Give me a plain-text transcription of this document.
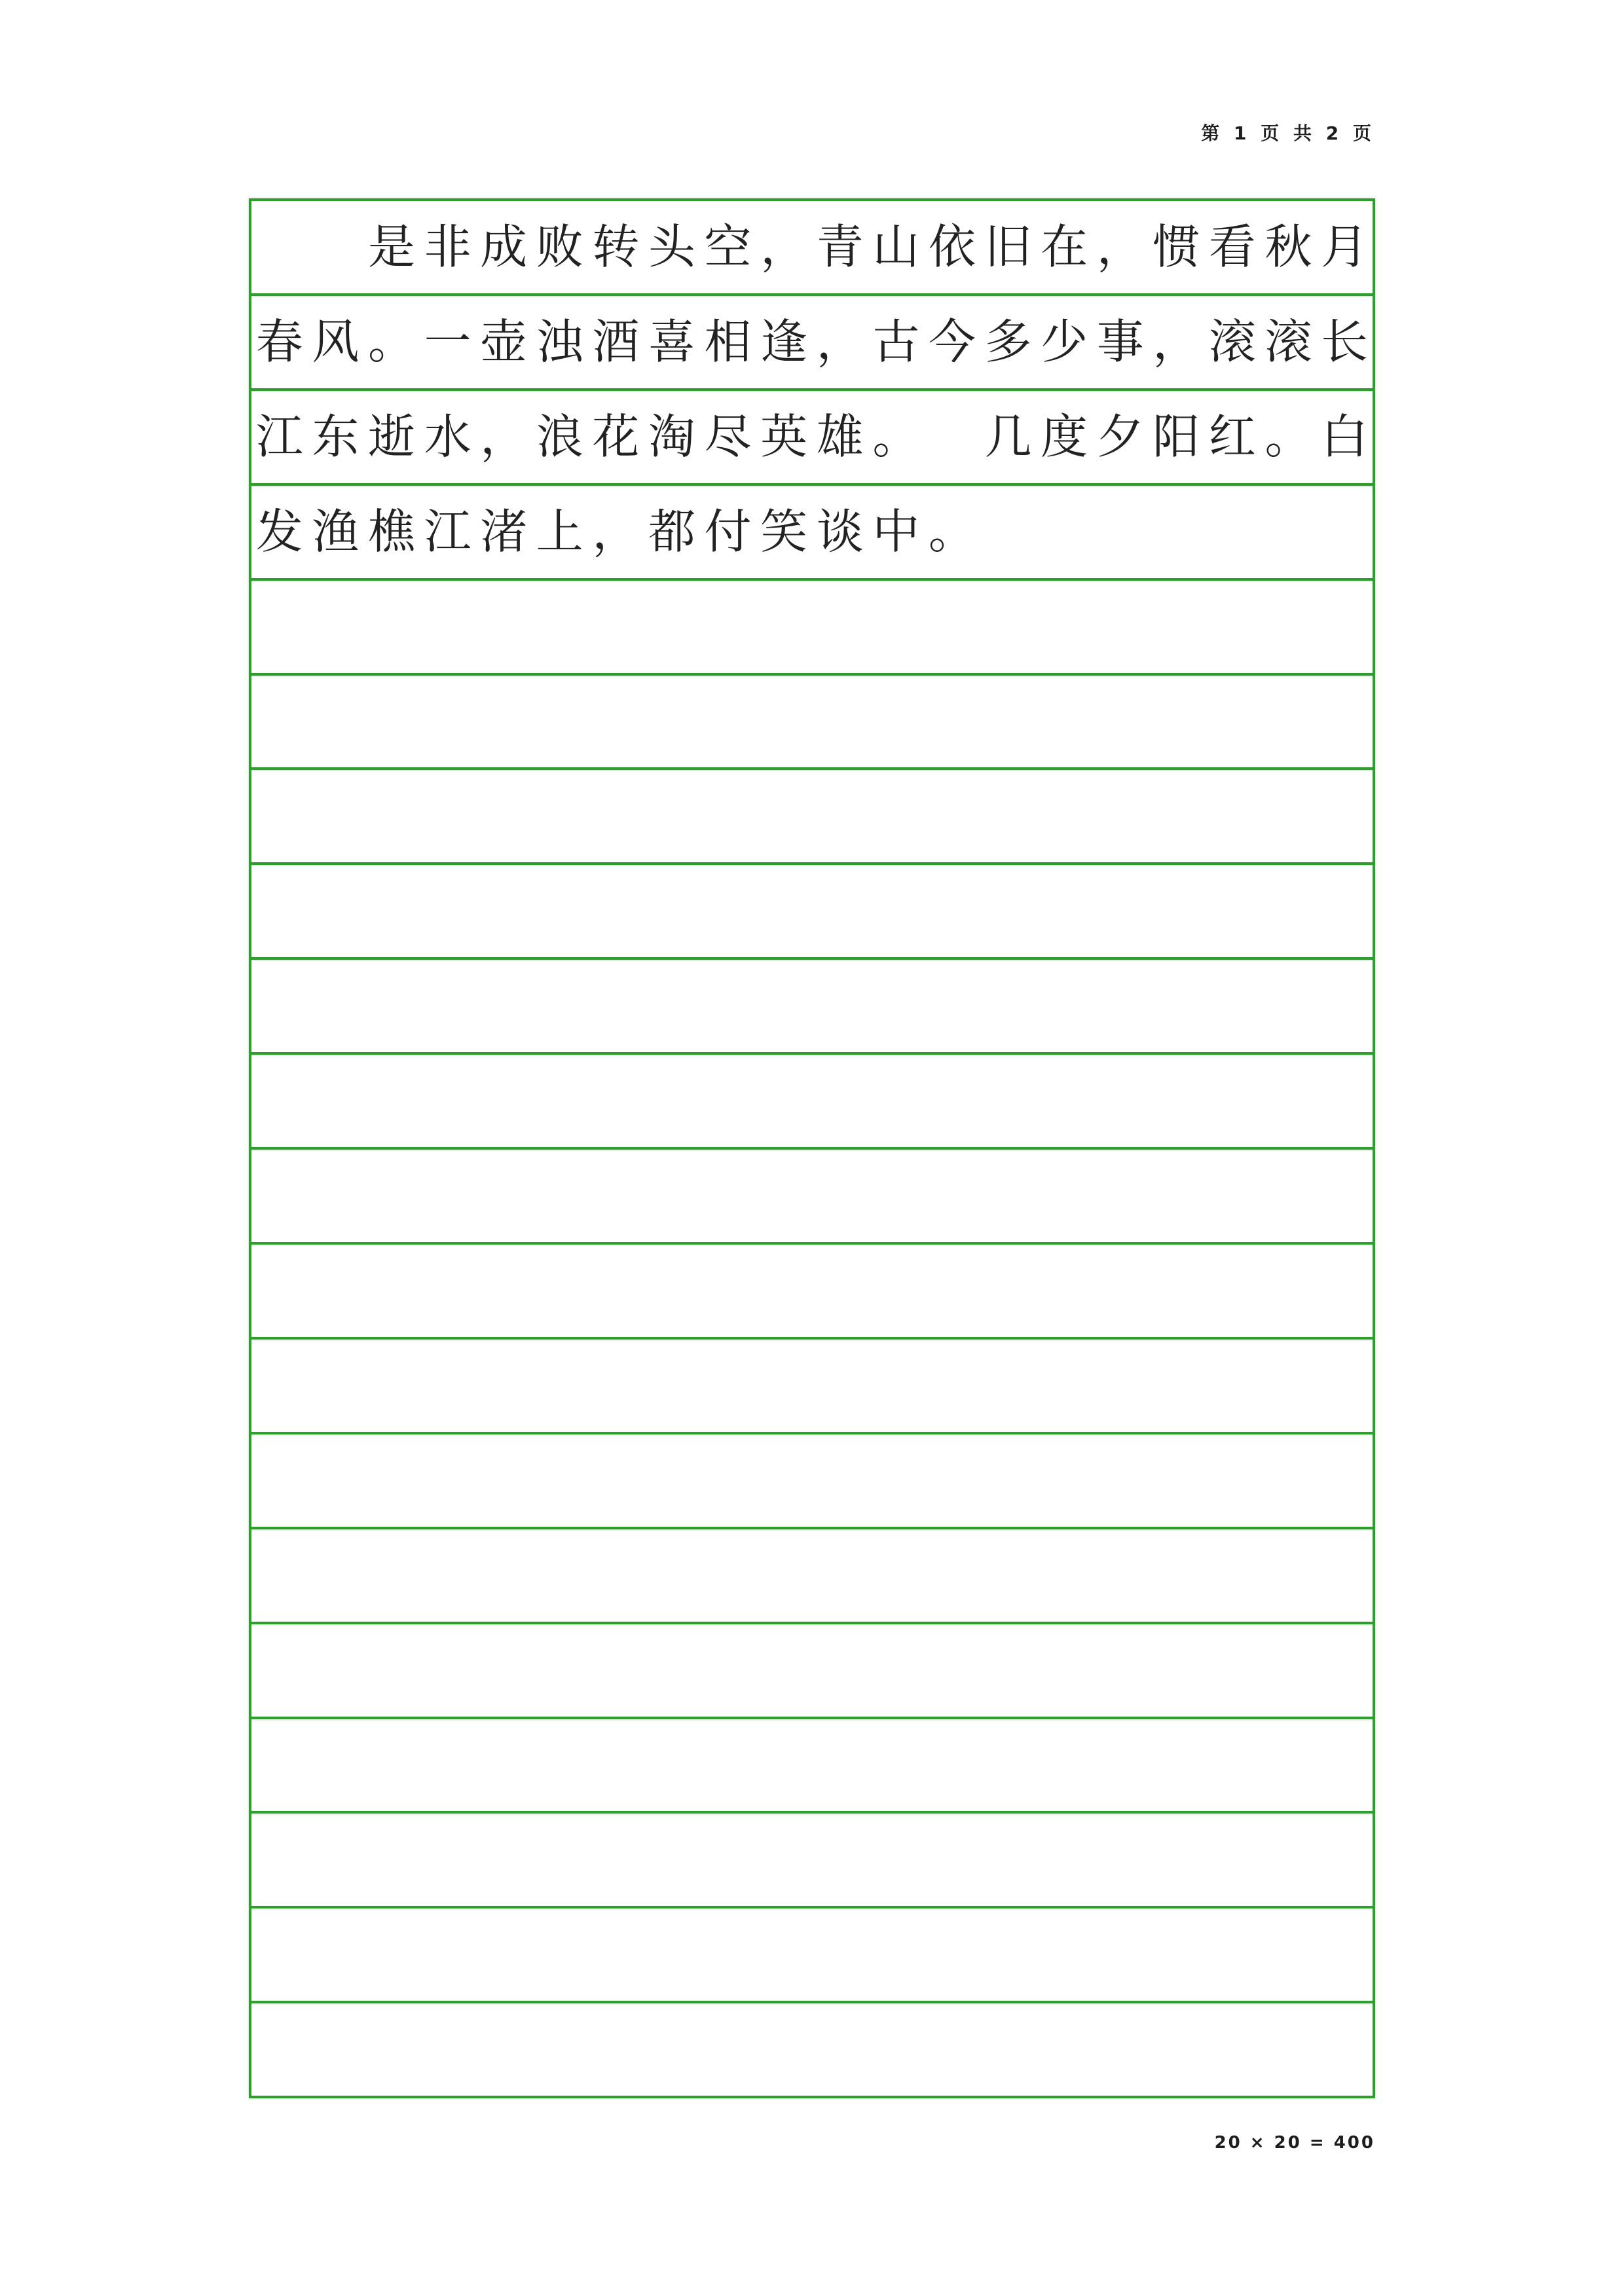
第 1 页 共 2 页
是 非 成 败 转 头 空 ， 青 山 依 旧 在 ， 惯 看 秋 月
春 风 。 一 壶 浊 酒 喜 相 逢 ， 古 今 多 少 事 ， 滚 滚 长
江 东 逝 水 ， 浪 花 淘 尽 英 雄 。 几 度 夕 阳 红 。 白
发 渔 樵 江 渚 上 ， 都 付 笑 谈 中 。
20 × 20 = 400
